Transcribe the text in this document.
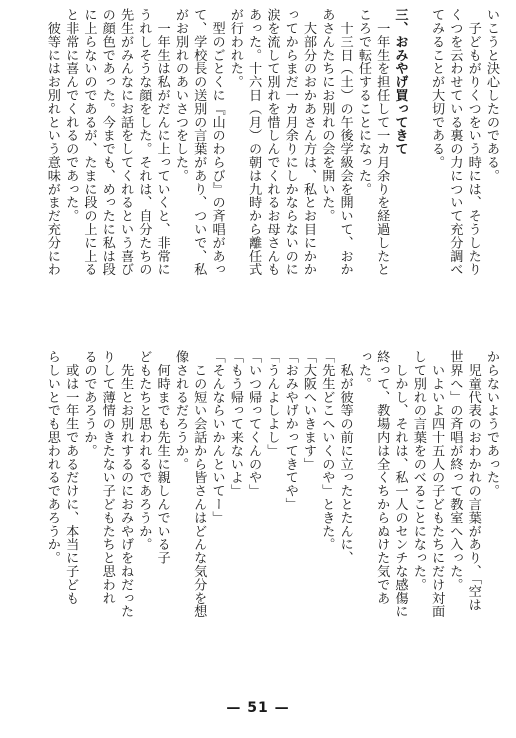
いこうと決心したのである。
　子どもがりくつをいう時には、そうしたり
くつを云わせている裏の力について充分調べ
てみることが大切である。
三、おみやげ買ってきて
　一年生を担任して一カ月余りを経過したと
ころで転任することになった。
　十三日（土）の午後学級会を開いて、おか
あさんたちにお別れの会を開いた。
　大部分のおかあさん方は、私とお目にかか
ってからまだ一カ月余りにしかならないのに
涙を流して別れを惜しんでくれるお母さんも
あった。十六日（月）の朝は九時から離任式
が行われた。
　型のごとくに『山のわらび』の斉唱があっ
て、学校長の送別の言葉があり、ついで、私
がお別れのあいさつをした。
　一年生は私がだんに上っていくと、非常に
うれしそうな顔をした。それは、自分たちの
先生がみんなにお話をしてくれるという喜び
の顔色であった。今までも、めったに私は段
に上らないのであるが、たまに段の上に上る
と非常に喜んでくれるのであった。
　彼等にはお別れという意味がまだ充分にわ
からないようであった。
　児童代表のおわかれの言葉があり、「空は
世界へ」の斉唱が終って教室へ入った。
　いよいよ四十五人の子どもたちにだけ対面
して別れの言葉をのべることになった。
　しかし、それは、私一人のセンチな感傷に
終って、教場内は全くちからぬけた気であ
った。
　私が彼等の前に立ったとたんに、
「先生どこへいくのや」ときた。
「大阪へいきます」
「おみやげかってきてや」
「うんよしよし」
「いつ帰ってくんのや」
「もう帰って来ないよ」
「そんならいかんといてー」
　この短い会話から皆さんはどんな気分を想
像されるだろうか。
　何時までも先生に親しんでいる子
どもたちと思われるであろうか。
　先生とお別れするのにおみやげをねだった
りして薄情のきたない子どもたちと思われ
るのであろうか。
　或は一年生であるだけに、本当に子ども
らしいとでも思われるであろうか。
— 51 —
